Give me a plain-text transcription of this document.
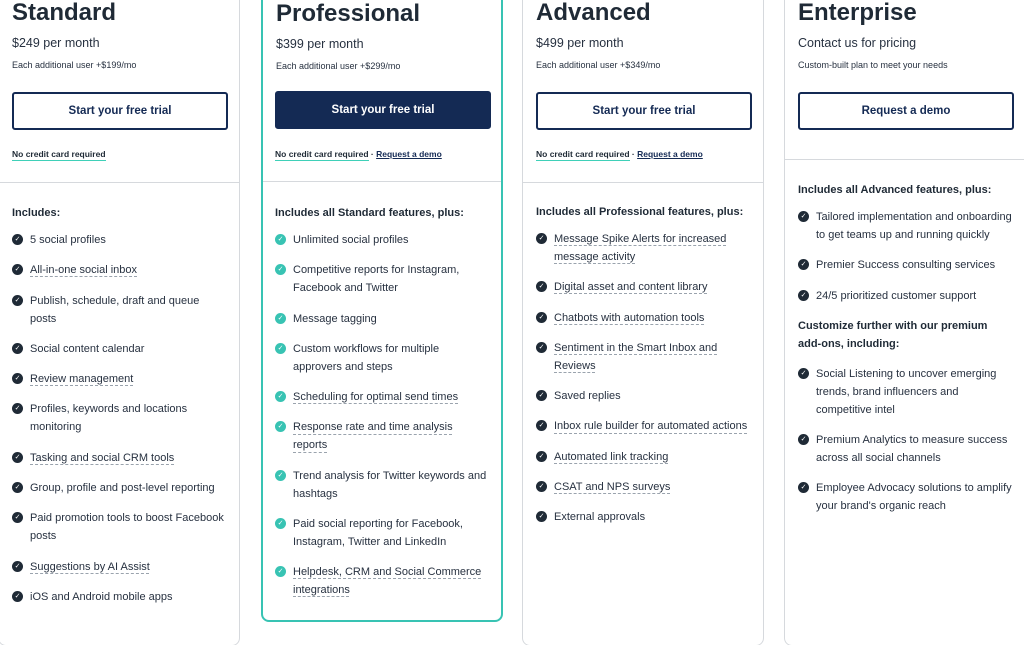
Standard
$249 per month
Each additional user +$199/mo
Start your free trial
No credit card required
Includes:
✓ 5 social profiles
✓ All-in-one social inbox
✓ Publish, schedule, draft and queue posts
✓ Social content calendar
✓ Review management
✓ Profiles, keywords and locations monitoring
✓ Tasking and social CRM tools
✓ Group, profile and post-level reporting
✓ Paid promotion tools to boost Facebook posts
✓ Suggestions by AI Assist
✓ iOS and Android mobile apps
Professional
$399 per month
Each additional user +$299/mo
Start your free trial
No credit card required · Request a demo
Includes all Standard features, plus:
✓ Unlimited social profiles
✓ Competitive reports for Instagram, Facebook and Twitter
✓ Message tagging
✓ Custom workflows for multiple approvers and steps
✓ Scheduling for optimal send times
✓ Response rate and time analysis reports
✓ Trend analysis for Twitter keywords and hashtags
✓ Paid social reporting for Facebook, Instagram, Twitter and LinkedIn
✓ Helpdesk, CRM and Social Commerce integrations
Advanced
$499 per month
Each additional user +$349/mo
Start your free trial
No credit card required · Request a demo
Includes all Professional features, plus:
✓ Message Spike Alerts for increased message activity
✓ Digital asset and content library
✓ Chatbots with automation tools
✓ Sentiment in the Smart Inbox and Reviews
✓ Saved replies
✓ Inbox rule builder for automated actions
✓ Automated link tracking
✓ CSAT and NPS surveys
✓ External approvals
Enterprise
Contact us for pricing
Custom-built plan to meet your needs
Request a demo
Includes all Advanced features, plus:
✓ Tailored implementation and onboarding to get teams up and running quickly
✓ Premier Success consulting services
✓ 24/5 prioritized customer support
Customize further with our premium add-ons, including:
✓ Social Listening to uncover emerging trends, brand influencers and competitive intel
✓ Premium Analytics to measure success across all social channels
✓ Employee Advocacy solutions to amplify your brand's organic reach
